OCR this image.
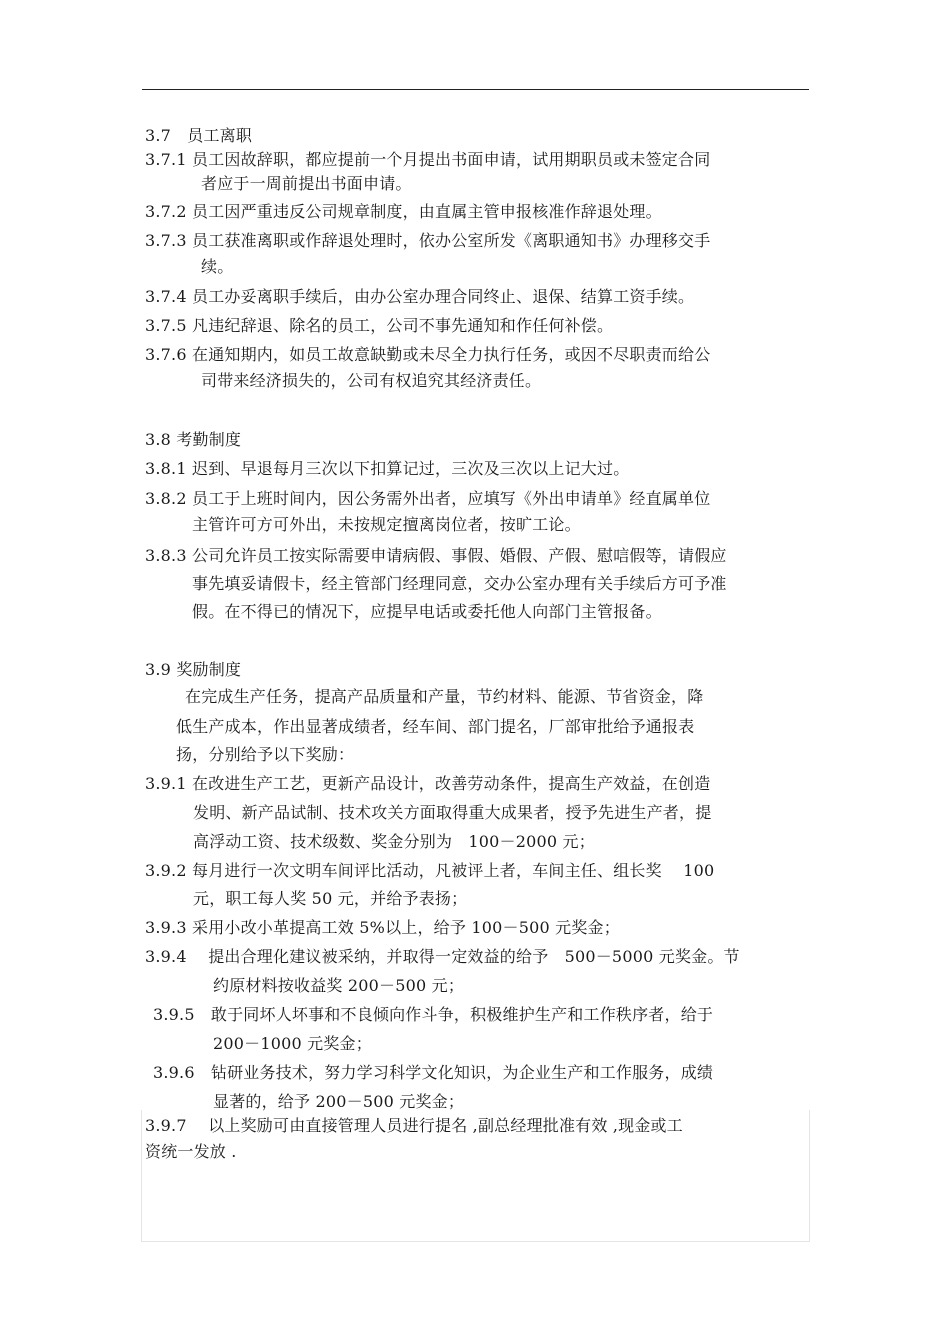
3.7　员工离职
3.7.1 员工因故辞职，都应提前一个月提出书面申请，试用期职员或未签定合同
者应于一周前提出书面申请。
3.7.2 员工因严重违反公司规章制度，由直属主管申报核准作辞退处理。
3.7.3 员工获准离职或作辞退处理时，依办公室所发《离职通知书》办理移交手
续。
3.7.4 员工办妥离职手续后，由办公室办理合同终止、退保、结算工资手续。
3.7.5 凡违纪辞退、除名的员工，公司不事先通知和作任何补偿。
3.7.6 在通知期内，如员工故意缺勤或未尽全力执行任务，或因不尽职责而给公
司带来经济损失的，公司有权追究其经济责任。
3.8 考勤制度
3.8.1 迟到、早退每月三次以下扣算记过，三次及三次以上记大过。
3.8.2 员工于上班时间内，因公务需外出者，应填写《外出申请单》经直属单位
主管许可方可外出，未按规定擅离岗位者，按旷工论。
3.8.3 公司允许员工按实际需要申请病假、事假、婚假、产假、慰唁假等，请假应
事先填妥请假卡，经主管部门经理同意，交办公室办理有关手续后方可予准
假。在不得已的情况下，应提早电话或委托他人向部门主管报备。
3.9 奖励制度
在完成生产任务，提高产品质量和产量，节约材料、能源、节省资金，降
低生产成本，作出显著成绩者，经车间、部门提名，厂部审批给予通报表
扬，分别给予以下奖励：
3.9.1 在改进生产工艺，更新产品设计，改善劳动条件，提高生产效益，在创造
发明、新产品试制、技术攻关方面取得重大成果者，授予先进生产者，提
高浮动工资、技术级数、奖金分别为　100－2000 元；
3.9.2 每月进行一次文明车间评比活动，凡被评上者，车间主任、组长奖　 100
元，职工每人奖 50 元，并给予表扬；
3.9.3 采用小改小革提高工效 5%以上，给予 100－500 元奖金；
3.9.4　 提出合理化建议被采纳，并取得一定效益的给予　500－5000 元奖金。节
约原材料按收益奖 200－500 元；
3.9.5　敢于同坏人坏事和不良倾向作斗争，积极维护生产和工作秩序者，给于
200－1000 元奖金；
3.9.6　钻研业务技术，努力学习科学文化知识，为企业生产和工作服务，成绩
显著的，给予 200－500 元奖金；
3.9.7　 以上奖励可由直接管理人员进行提名 ,副总经理批准有效 ,现金或工
资统一发放 .
